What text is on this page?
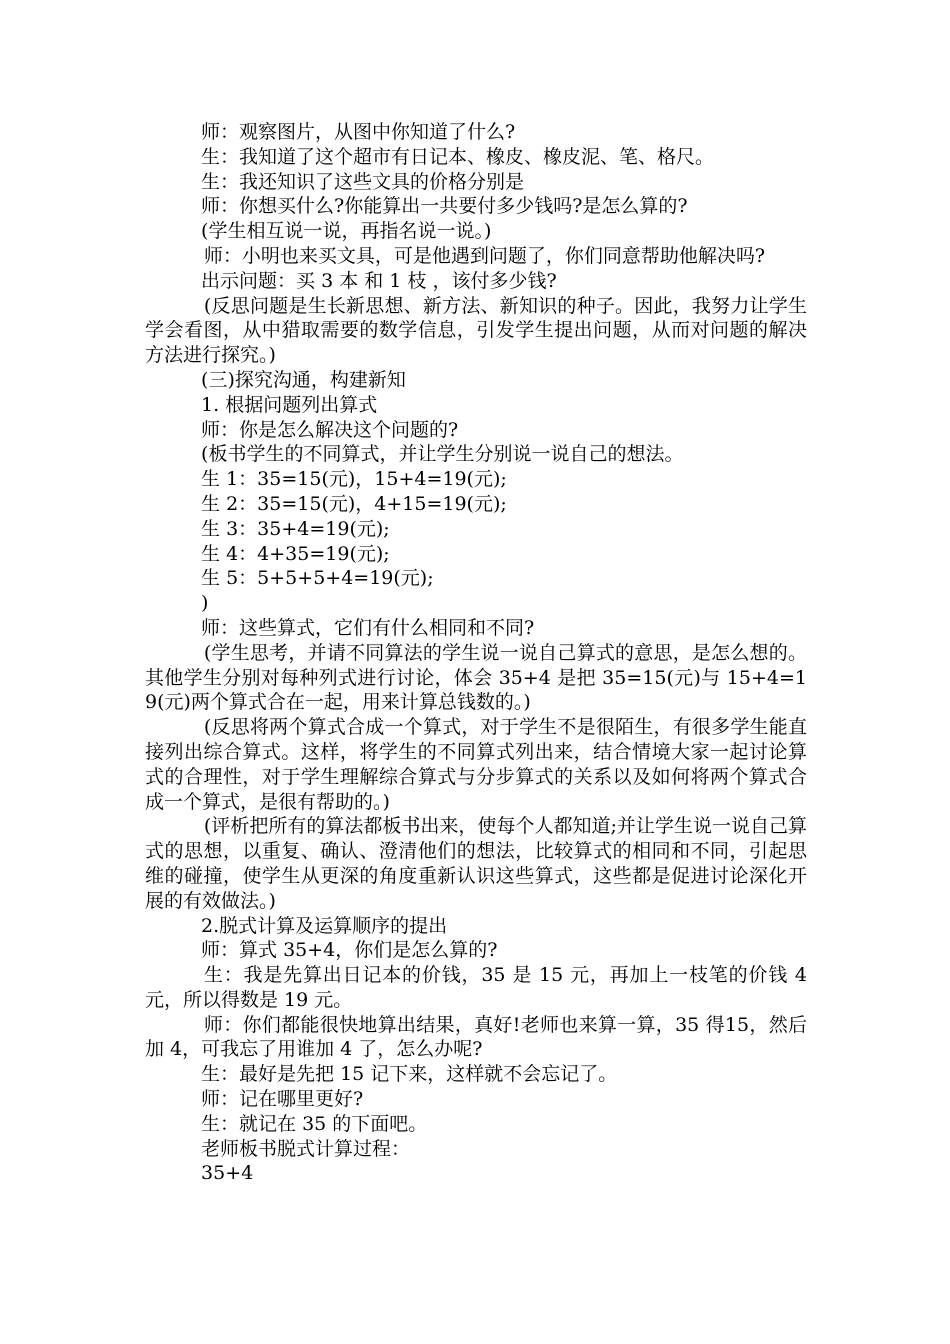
师：观察图片，从图中你知道了什么?

生：我知道了这个超市有日记本、橡皮、橡皮泥、笔、格尺。

生：我还知识了这些文具的价格分别是

师：你想买什么?你能算出一共要付多少钱吗?是怎么算的?

(学生相互说一说，再指名说一说。)

师：小明也来买文具，可是他遇到问题了，你们同意帮助他解决吗?

出示问题：买 3 本 和 1 枝 ，该付多少钱?

(反思问题是生长新思想、新方法、新知识的种子。因此，我努力让学生学会看图，从中猎取需要的数学信息，引发学生提出问题，从而对问题的解决方法进行探究。)

(三)探究沟通，构建新知

1. 根据问题列出算式

师：你是怎么解决这个问题的?

(板书学生的不同算式，并让学生分别说一说自己的想法。

生 1：35=15(元)，15+4=19(元);

生 2：35=15(元)，4+15=19(元);

生 3：35+4=19(元);

生 4：4+35=19(元);

生 5：5+5+5+4=19(元);

)

师：这些算式，它们有什么相同和不同?

(学生思考，并请不同算法的学生说一说自己算式的意思，是怎么想的。其他学生分别对每种列式进行讨论，体会 35+4 是把 35=15(元)与 15+4=19(元)两个算式合在一起，用来计算总钱数的。)

(反思将两个算式合成一个算式，对于学生不是很陌生，有很多学生能直接列出综合算式。这样，将学生的不同算式列出来，结合情境大家一起讨论算式的合理性，对于学生理解综合算式与分步算式的关系以及如何将两个算式合成一个算式，是很有帮助的。)

(评析把所有的算法都板书出来，使每个人都知道;并让学生说一说自己算式的思想，以重复、确认、澄清他们的想法，比较算式的相同和不同，引起思维的碰撞，使学生从更深的角度重新认识这些算式，这些都是促进讨论深化开展的有效做法。)

2.脱式计算及运算顺序的提出

师：算式 35+4，你们是怎么算的?

生：我是先算出日记本的价钱，35 是 15 元，再加上一枝笔的价钱 4 元，所以得数是 19 元。

师：你们都能很快地算出结果，真好!老师也来算一算，35 得15，然后加 4，可我忘了用谁加 4 了，怎么办呢?

生：最好是先把 15 记下来，这样就不会忘记了。

师：记在哪里更好?

生：就记在 35 的下面吧。

老师板书脱式计算过程：

35+4
